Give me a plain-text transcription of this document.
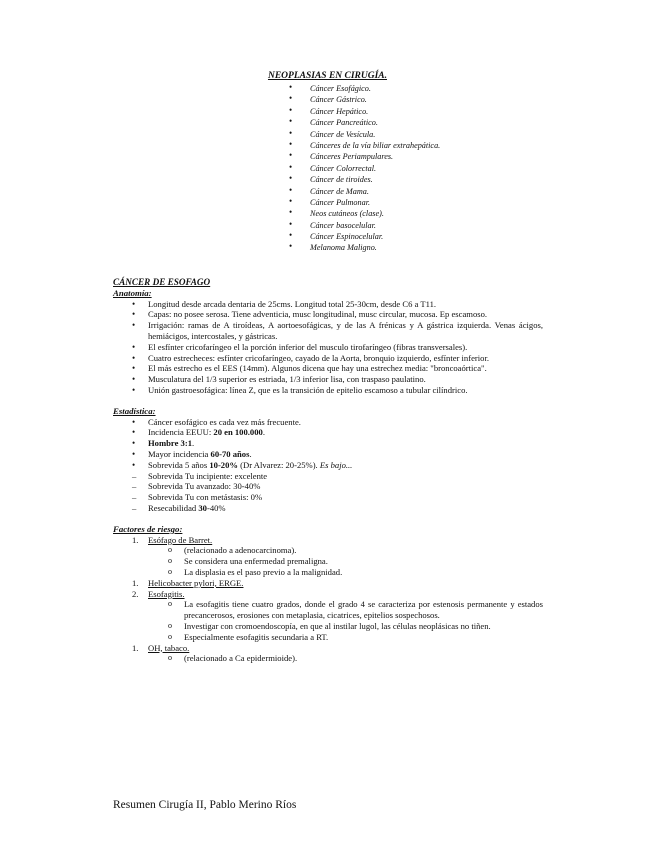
NEOPLASIAS EN CIRUGÍA.
• Cáncer Esofágico.
• Cáncer Gástrico.
• Cáncer Hepático.
• Cáncer Pancreático.
• Cáncer de Vesícula.
• Cánceres de la vía biliar extrahepática.
• Cánceres Periampulares.
• Cáncer Colorrectal.
• Cáncer de tiroides.
• Cáncer de Mama.
• Cáncer Pulmonar.
• Neos cutáneos (clase).
• Cáncer basocelular.
• Cáncer Espinocelular.
• Melanoma Maligno.
CÁNCER DE ESOFAGO
Anatomía:
• Longitud desde arcada dentaria de 25cms. Longitud total 25-30cm, desde C6 a T11.
• Capas: no posee serosa. Tiene adventicia, musc longitudinal, musc circular, mucosa. Ep escamoso.
• Irrigación: ramas de A tiroídeas, A aortoesofágicas, y de las A frénicas y A gástrica izquierda. Venas ácigos, hemiácigos, intercostales, y gástricas.
• El esfínter cricofaríngeo el la porción inferior del musculo tirofaríngeo (fibras transversales).
• Cuatro estrecheces: esfínter cricofaríngeo, cayado de la Aorta, bronquio izquierdo, esfínter inferior.
• El más estrecho es el EES (14mm). Algunos dicena que hay una estrechez media: "broncoaórtica".
• Musculatura del 1/3 superior es estriada, 1/3 inferior lisa, con traspaso paulatino.
• Unión gastroesofágica: línea Z, que es la transición de epitelio escamoso a tubular cilíndrico.
Estadística:
• Cáncer esofágico es cada vez más frecuente.
• Incidencia EEUU: 20 en 100.000.
• Hombre 3:1.
• Mayor incidencia 60-70 años.
• Sobrevida 5 años 10-20% (Dr Alvarez: 20-25%). Es bajo...
– Sobrevida Tu incipiente: excelente
– Sobrevida Tu avanzado: 30-40%
– Sobrevida Tu con metástasis: 0%
– Resecabilidad 30-40%
Factores de riesgo:
1. Esófago de Barret.
o (relacionado a adenocarcinoma).
o Se considera una enfermedad premaligna.
o La displasia es el paso previo a la malignidad.
1. Helicobacter pylori, ERGE.
2. Esofagitis.
o La esofagitis tiene cuatro grados, donde el grado 4 se caracteriza por estenosis permanente y estados precancerosos, erosiones con metaplasia, cicatrices, epitelios sospechosos.
o Investigar con cromoendoscopía, en que al instilar lugol, las células neoplásicas no tiñen.
o Especialmente esofagitis secundaria a RT.
1. OH, tabaco.
o (relacionado a Ca epidermioide).
Resumen Cirugía II, Pablo Merino Ríos
